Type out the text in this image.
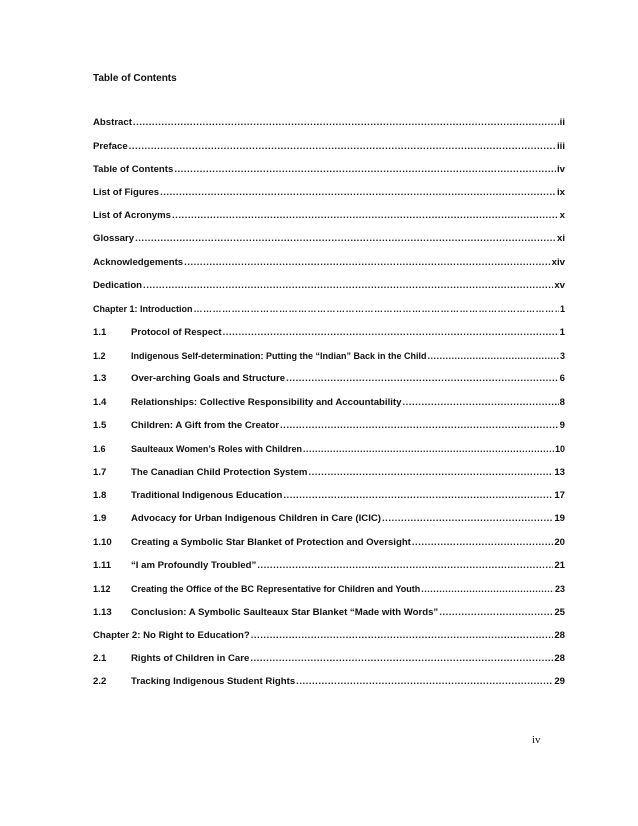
Table of Contents
Abstract .....	ii
Preface .....	iii
Table of Contents .....	iv
List of Figures .....	ix
List of Acronyms .....	x
Glossary .....	xi
Acknowledgements .....	xiv
Dedication .....	xv
Chapter 1: Introduction …………………………………………………………………………………………………………………………………	1
1.1	Protocol of Respect .....	1
1.2	Indigenous Self-determination: Putting the “Indian” Back in the Child .....	3
1.3	Over-arching Goals and Structure .....	6
1.4	Relationships: Collective Responsibility and Accountability .....	8
1.5	Children: A Gift from the Creator .....	9
1.6	Saulteaux Women’s Roles with Children .....	10
1.7	The Canadian Child Protection System .....	13
1.8	Traditional Indigenous Education .....	17
1.9	Advocacy for Urban Indigenous Children in Care (ICIC) .....	19
1.10	Creating a Symbolic Star Blanket of Protection and Oversight .....	20
1.11	“I am Profoundly Troubled” .....	21
1.12	Creating the Office of the BC Representative for Children and Youth .....	23
1.13	Conclusion: A Symbolic Saulteaux Star Blanket “Made with Words” .....	25
Chapter 2: No Right to Education? .....	28
2.1	Rights of Children in Care .....	28
2.2	Tracking Indigenous Student Rights .....	29
iv
